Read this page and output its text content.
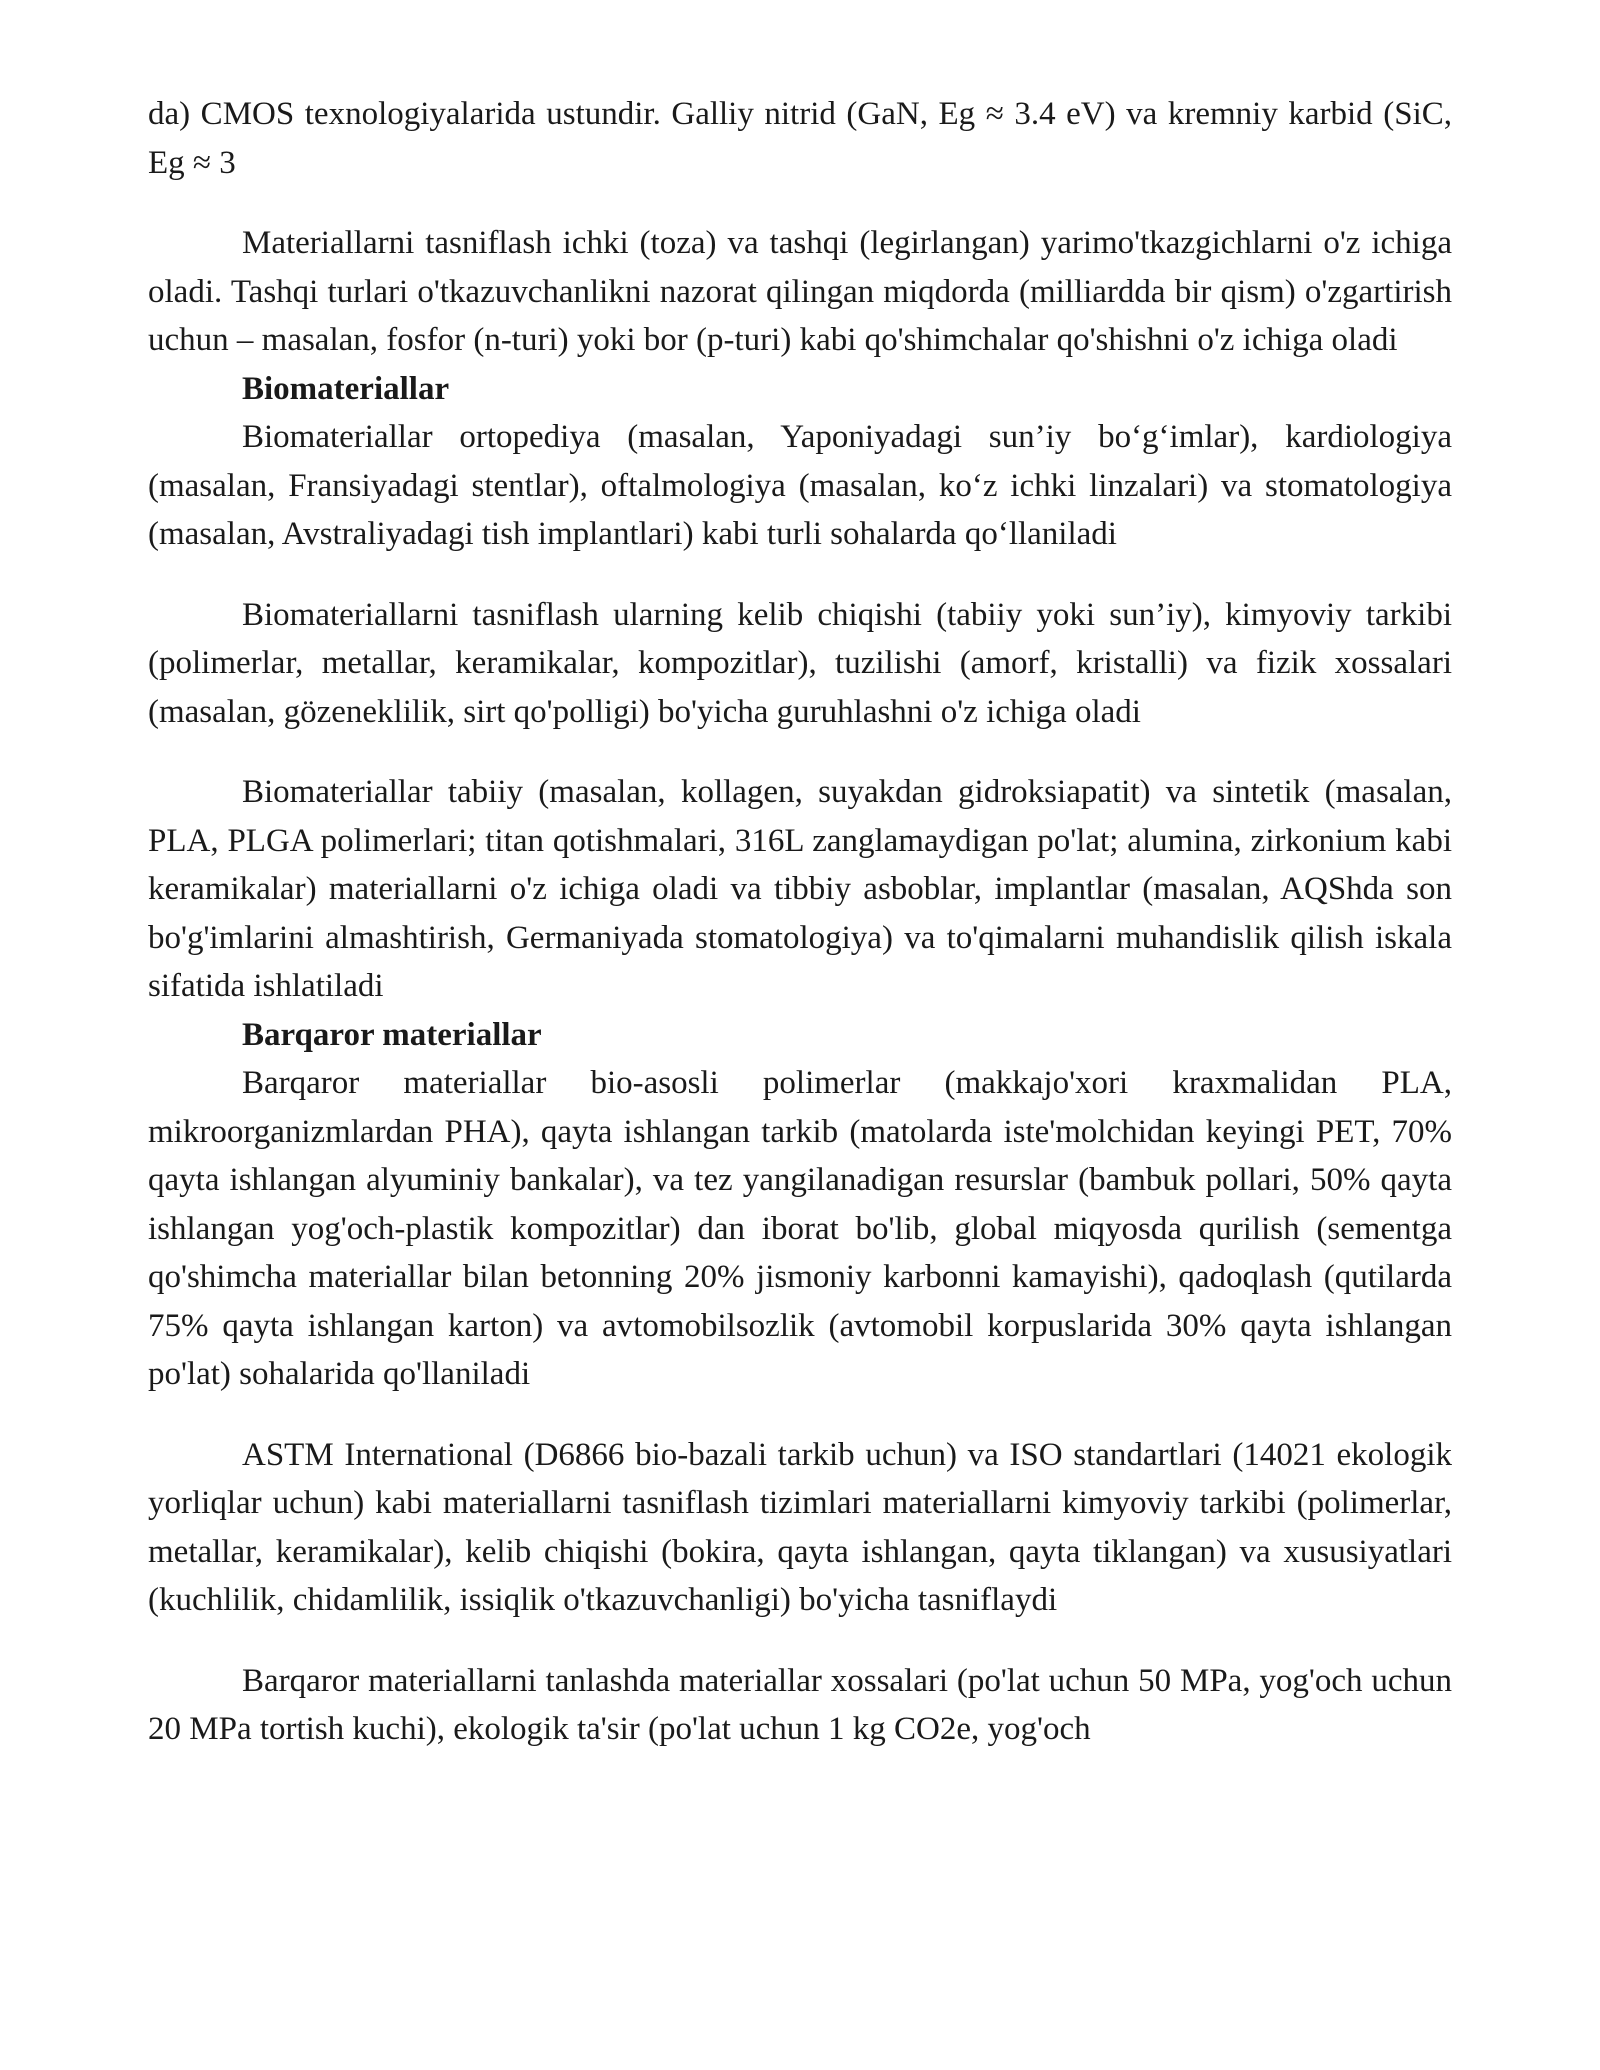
da) CMOS texnologiyalarida ustundir. Galliy nitrid (GaN, Eg ≈ 3.4 eV) va kremniy karbid (SiC, Eg ≈ 3

Materiallarni tasniflash ichki (toza) va tashqi (legirlangan) yarimo'tkazgichlarni o'z ichiga oladi. Tashqi turlari o'tkazuvchanlikni nazorat qilingan miqdorda (milliardda bir qism) o'zgartirish uchun – masalan, fosfor (n-turi) yoki bor (p-turi) kabi qo'shimchalar qo'shishni o'z ichiga oladi

Biomateriallar

Biomateriallar ortopediya (masalan, Yaponiyadagi sun’iy bo‘g‘imlar), kardiologiya (masalan, Fransiyadagi stentlar), oftalmologiya (masalan, ko‘z ichki linzalari) va stomatologiya (masalan, Avstraliyadagi tish implantlari) kabi turli sohalarda qo‘llaniladi

Biomateriallarni tasniflash ularning kelib chiqishi (tabiiy yoki sun’iy), kimyoviy tarkibi (polimerlar, metallar, keramikalar, kompozitlar), tuzilishi (amorf, kristalli) va fizik xossalari (masalan, gözeneklilik, sirt qo'polligi) bo'yicha guruhlashni o'z ichiga oladi

Biomateriallar tabiiy (masalan, kollagen, suyakdan gidroksiapatit) va sintetik (masalan, PLA, PLGA polimerlari; titan qotishmalari, 316L zanglamaydigan po'lat; alumina, zirkonium kabi keramikalar) materiallarni o'z ichiga oladi va tibbiy asboblar, implantlar (masalan, AQShda son bo'g'imlarini almashtirish, Germaniyada stomatologiya) va to'qimalarni muhandislik qilish iskala sifatida ishlatiladi

Barqaror materiallar

Barqaror materiallar bio-asosli polimerlar (makkajo'xori kraxmalidan PLA, mikroorganizmlardan PHA), qayta ishlangan tarkib (matolarda iste'molchidan keyingi PET, 70% qayta ishlangan alyuminiy bankalar), va tez yangilanadigan resurslar (bambuk pollari, 50% qayta ishlangan yog'och-plastik kompozitlar) dan iborat bo'lib, global miqyosda qurilish (sementga qo'shimcha materiallar bilan betonning 20% jismoniy karbonni kamayishi), qadoqlash (qutilarda 75% qayta ishlangan karton) va avtomobilsozlik (avtomobil korpuslarida 30% qayta ishlangan po'lat) sohalarida qo'llaniladi

ASTM International (D6866 bio-bazali tarkib uchun) va ISO standartlari (14021 ekologik yorliqlar uchun) kabi materiallarni tasniflash tizimlari materiallarni kimyoviy tarkibi (polimerlar, metallar, keramikalar), kelib chiqishi (bokira, qayta ishlangan, qayta tiklangan) va xususiyatlari (kuchlilik, chidamlilik, issiqlik o'tkazuvchanligi) bo'yicha tasniflaydi

Barqaror materiallarni tanlashda materiallar xossalari (po'lat uchun 50 MPa, yog'och uchun 20 MPa tortish kuchi), ekologik ta'sir (po'lat uchun 1 kg CO2e, yog'och
